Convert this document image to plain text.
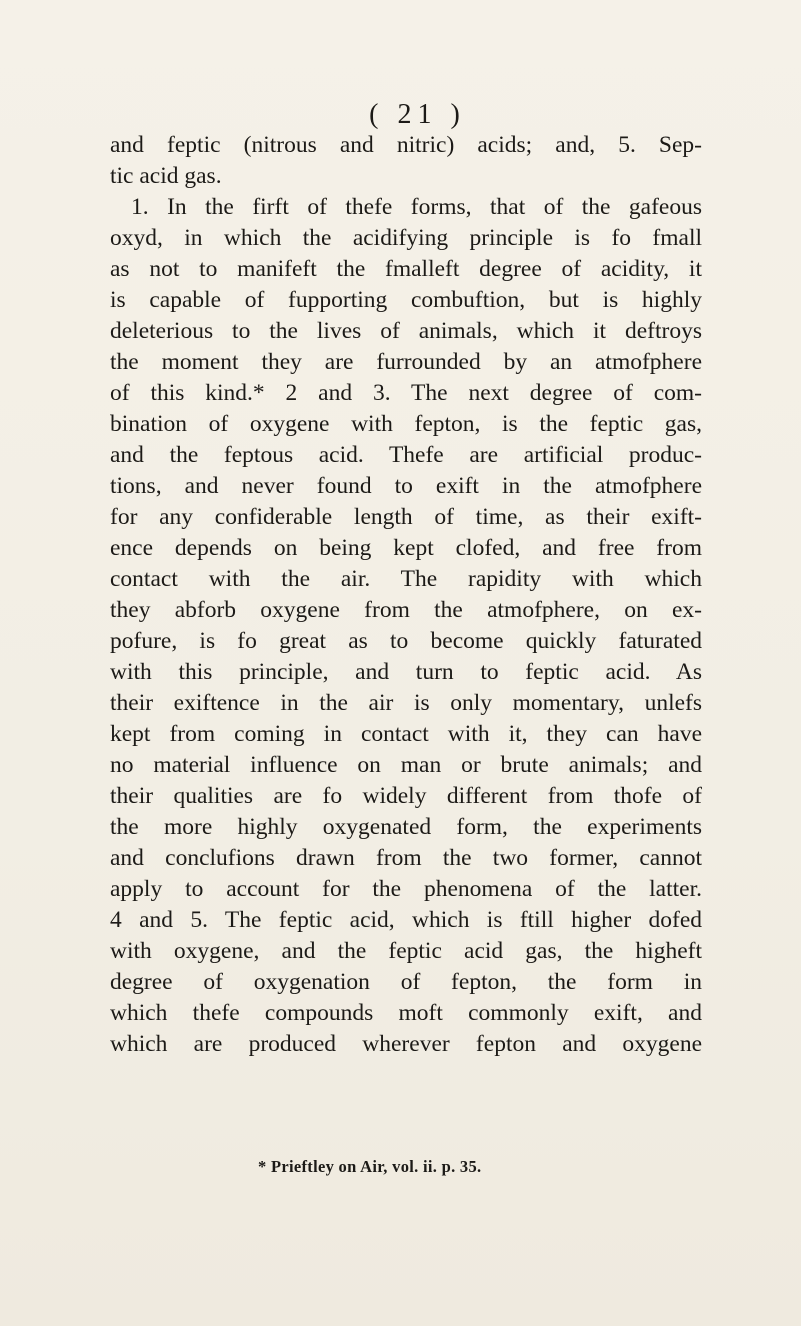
( 21 )
and feptic (nitrous and nitric) acids; and, 5. Sep-
tic acid gas.
1. In the firft of thefe forms, that of the gafeous
oxyd, in which the acidifying principle is fo fmall
as not to manifeft the fmalleft degree of acidity, it
is capable of fupporting combuftion, but is highly
deleterious to the lives of animals, which it deftroys
the moment they are furrounded by an atmofphere
of this kind.* 2 and 3. The next degree of com-
bination of oxygene with fepton, is the feptic gas,
and the feptous acid. Thefe are artificial produc-
tions, and never found to exift in the atmofphere
for any confiderable length of time, as their exift-
ence depends on being kept clofed, and free from
contact with the air. The rapidity with which
they abforb oxygene from the atmofphere, on ex-
pofure, is fo great as to become quickly faturated
with this principle, and turn to feptic acid. As
their exiftence in the air is only momentary, unlefs
kept from coming in contact with it, they can have
no material influence on man or brute animals; and
their qualities are fo widely different from thofe of
the more highly oxygenated form, the experiments
and conclufions drawn from the two former, cannot
apply to account for the phenomena of the latter.
4 and 5. The feptic acid, which is ftill higher dofed
with oxygene, and the feptic acid gas, the higheft
degree of oxygenation of fepton, the form in
which thefe compounds moft commonly exift, and
which are produced wherever fepton and oxygene
* Prieftley on Air, vol. ii. p. 35.
